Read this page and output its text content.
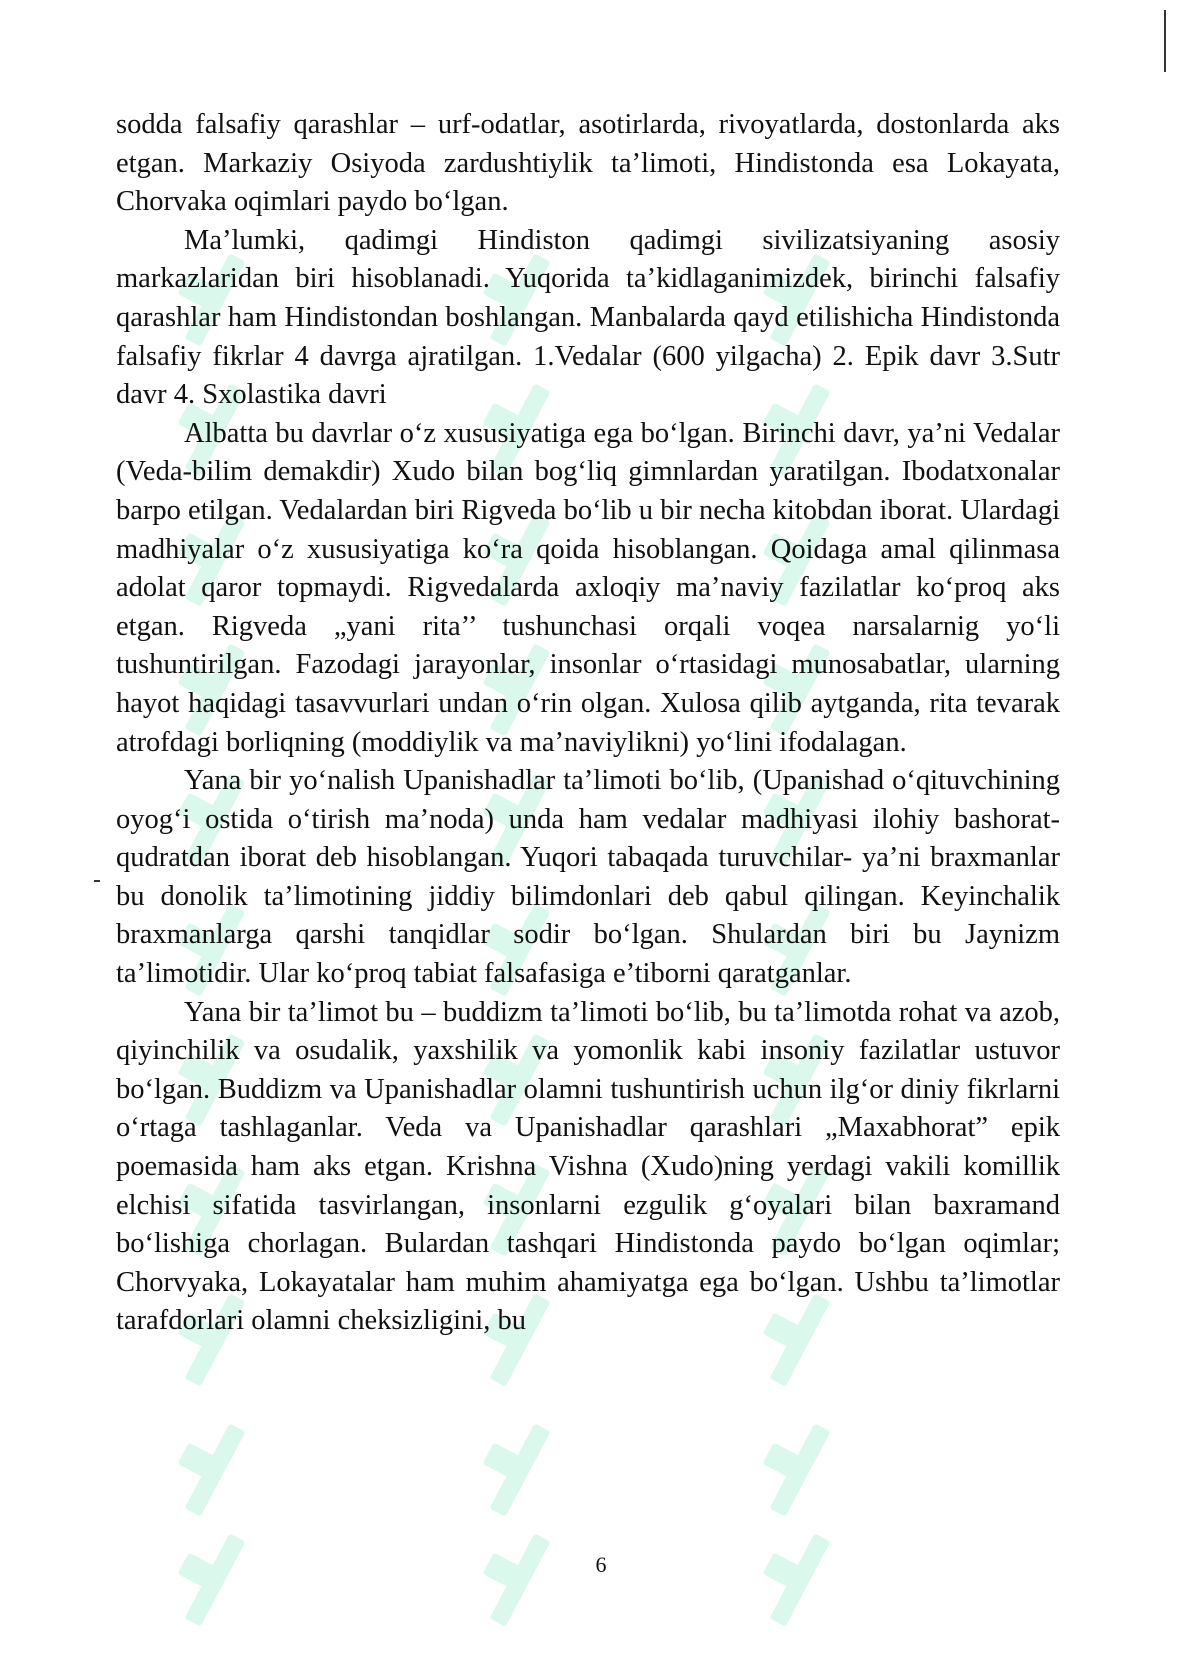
sodda falsafiy qarashlar – urf-odatlar, asotirlarda, rivoyatlarda, dostonlarda aks etgan. Markaziy Osiyoda zardushtiylik ta’limoti, Hindistonda esa Lokayata, Chorvaka oqimlari paydo bo‘lgan.

Ma’lumki, qadimgi Hindiston qadimgi sivilizatsiyaning asosiy markazlaridan biri hisoblanadi. Yuqorida ta’kidlaganimizdek, birinchi falsafiy qarashlar ham Hindistondan boshlangan. Manbalarda qayd etilishicha Hindistonda falsafiy fikrlar 4 davrga ajratilgan. 1.Vedalar (600 yilgacha) 2. Epik davr 3.Sutr davr 4. Sxolastika davri

Albatta bu davrlar o‘z xususiyatiga ega bo‘lgan. Birinchi davr, ya’ni Vedalar (Veda-bilim demakdir) Xudo bilan bog‘liq gimnlardan yaratilgan. Ibodatxonalar barpo etilgan. Vedalardan biri Rigveda bo‘lib u bir necha kitobdan iborat. Ulardagi madhiyalar o‘z xususiyatiga ko‘ra qoida hisoblangan. Qoidaga amal qilinmasa adolat qaror topmaydi. Rigvedalarda axloqiy ma’naviy fazilatlar ko‘proq aks etgan. Rigveda „yani rita’’ tushunchasi orqali voqea narsalarnig yo‘li tushuntirilgan. Fazodagi jarayonlar, insonlar o‘rtasidagi munosabatlar, ularning hayot haqidagi tasavvurlari undan o‘rin olgan. Xulosa qilib aytganda, rita tevarak atrofdagi borliqning (moddiylik va ma’naviylikni) yo‘lini ifodalagan.

Yana bir yo‘nalish Upanishadlar ta’limoti bo‘lib, (Upanishad o‘qituvchining oyog‘i ostida o‘tirish ma’noda) unda ham vedalar madhiyasi ilohiy bashorat- qudratdan iborat deb hisoblangan. Yuqori tabaqada turuvchilar- ya’ni braxmanlar bu donolik ta’limotining jiddiy bilimdonlari deb qabul qilingan. Keyinchalik braxmanlarga qarshi tanqidlar sodir bo‘lgan. Shulardan biri bu Jaynizm ta’limotidir. Ular ko‘proq tabiat falsafasiga e’tiborni qaratganlar.

Yana bir ta’limot bu – buddizm ta’limoti bo‘lib, bu ta’limotda rohat va azob, qiyinchilik va osudalik, yaxshilik va yomonlik kabi insoniy fazilatlar ustuvor bo‘lgan. Buddizm va Upanishadlar olamni tushuntirish uchun ilg‘or diniy fikrlarni o‘rtaga tashlaganlar. Veda va Upanishadlar qarashlari „Maxabhorat” epik poemasida ham aks etgan. Krishna Vishna (Xudo)ning yerdagi vakili komillik elchisi sifatida tasvirlangan, insonlarni ezgulik g‘oyalari bilan baxramand bo‘lishiga chorlagan. Bulardan tashqari Hindistonda paydo bo‘lgan oqimlar; Chorvyaka, Lokayatalar ham muhim ahamiyatga ega bo‘lgan. Ushbu ta’limotlar tarafdorlari olamni cheksizligini, bu

6
